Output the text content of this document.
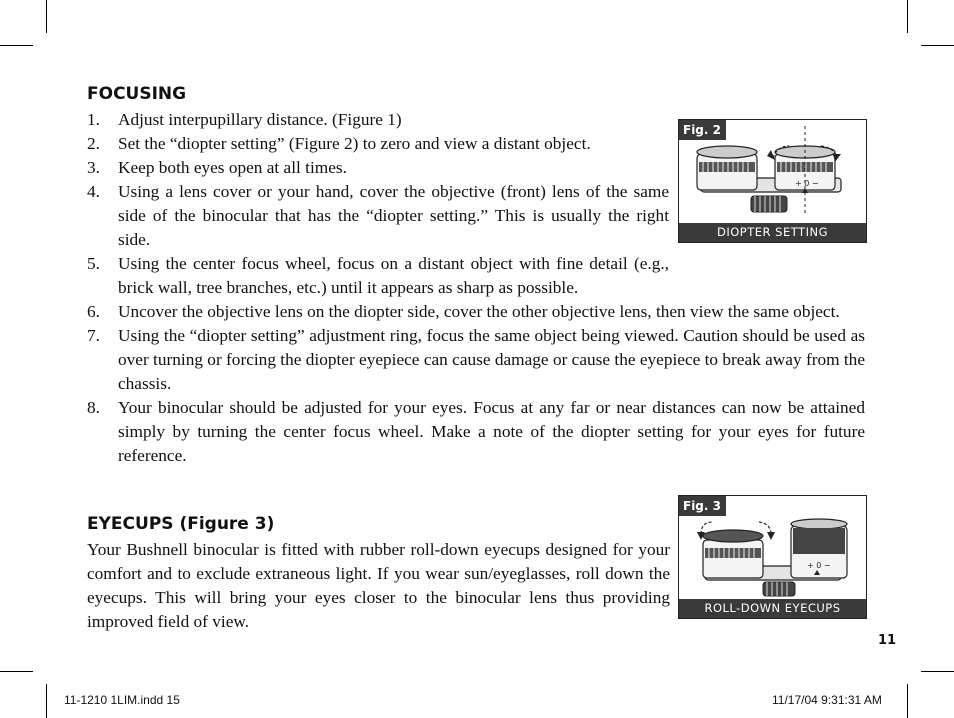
FOCUSING
1. Adjust interpupillary distance. (Figure 1)
2. Set the “diopter setting” (Figure 2) to zero and view a distant object.
3. Keep both eyes open at all times.
4. Using a lens cover or your hand, cover the objective (front) lens of the same side of the binocular that has the “diopter setting.” This is usually the right side.
5. Using the center focus wheel, focus on a distant object with fine detail (e.g., brick wall, tree branches, etc.) until it appears as sharp as possible.
6. Uncover the objective lens on the diopter side, cover the other objective lens, then view the same object.
7. Using the “diopter setting” adjustment ring, focus the same object being viewed. Caution should be used as over turning or forcing the diopter eyepiece can cause damage or cause the eyepiece to break away from the chassis.
8. Your binocular should be adjusted for your eyes. Focus at any far or near distances can now be attained simply by turning the center focus wheel. Make a note of the diopter setting for your eyes for future reference.
+ 0 −
Fig. 2
DIOPTER SETTING
EYECUPS (Figure 3)

Your Bushnell binocular is fitted with rubber roll-down eyecups designed for your comfort and to exclude extraneous light. If you wear sun/eyeglasses, roll down the eyecups. This will bring your eyes closer to the binocular lens thus providing improved field of view.

+ 0 −
Fig. 3
ROLL-DOWN EYECUPS
11
11-1210 1LIM.indd 15	11/17/04 9:31:31 AM
